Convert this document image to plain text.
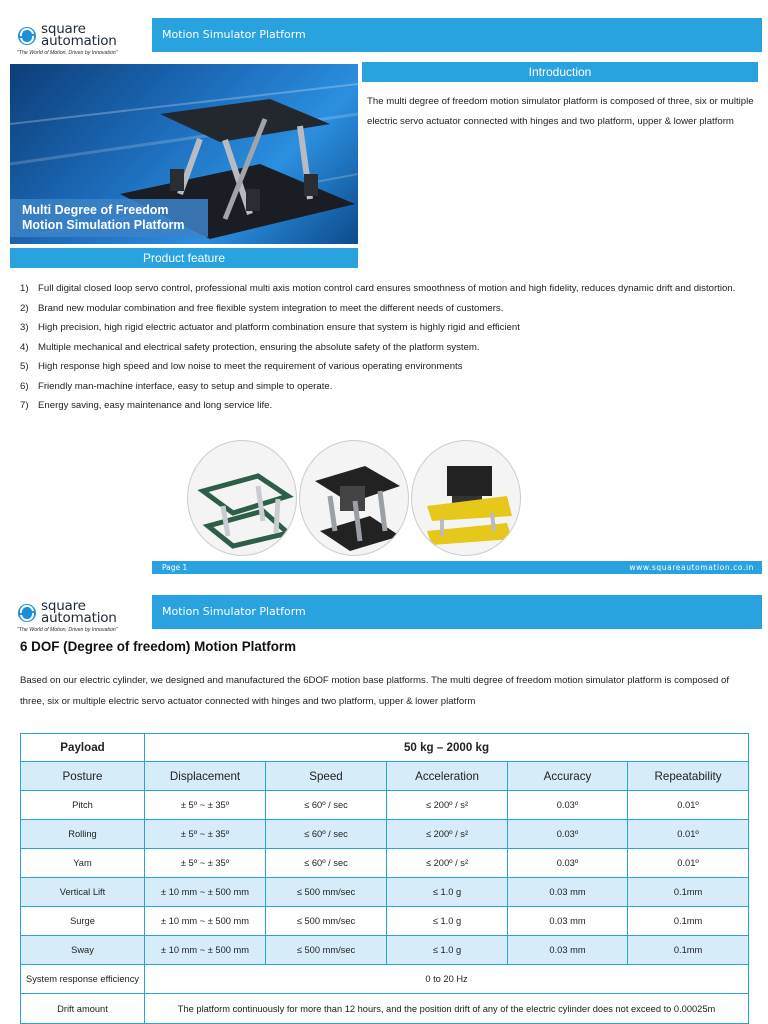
square
automation
"The World of Motion, Driven by Innovation"
Motion Simulator Platform
Multi Degree of Freedom
Motion Simulation Platform
Introduction
The multi degree of freedom motion simulator platform is composed of three, six or multiple electric servo actuator connected with hinges and two platform, upper & lower platform
Product feature
1) Full digital closed loop servo control, professional multi axis motion control card ensures smoothness of motion and high fidelity, reduces dynamic drift and distortion.
2) Brand new modular combination and free flexible system integration to meet the different needs of customers.
3) High precision, high rigid electric actuator and platform combination ensure that system is highly rigid and efficient
4) Multiple mechanical and electrical safety protection, ensuring the absolute safety of the platform system.
5) High response high speed and low noise to meet the requirement of various operating environments
6) Friendly man-machine interface, easy to setup and simple to operate.
7) Energy saving, easy maintenance and long service life.
Page 1	www.squareautomation.co.in
square
automation
"The World of Motion, Driven by Innovation"
Motion Simulator Platform
6 DOF (Degree of freedom) Motion Platform
Based on our electric cylinder, we designed and manufactured the 6DOF motion base platforms. The multi degree of freedom motion simulator platform is composed of three, six or multiple electric servo actuator connected with hinges and two platform, upper & lower platform
Payload	50 kg – 2000 kg				
Posture	Displacement	Speed	Acceleration	Accuracy	Repeatability
Pitch	± 5º ~ ± 35º	≤ 60º / sec	≤ 200º / s²	0.03º	0.01º
Rolling	± 5º ~ ± 35º	≤ 60º / sec	≤ 200º / s²	0.03º	0.01º
Yam	± 5º ~ ± 35º	≤ 60º / sec	≤ 200º / s²	0.03º	0.01º
Vertical Lift	± 10 mm ~ ± 500 mm	≤ 500 mm/sec	≤ 1.0 g	0.03 mm	0.1mm
Surge	± 10 mm ~ ± 500 mm	≤ 500 mm/sec	≤ 1.0 g	0.03 mm	0.1mm
Sway	± 10 mm ~ ± 500 mm	≤ 500 mm/sec	≤ 1.0 g	0.03 mm	0.1mm
System response efficiency	0 to 20 Hz				
Drift amount	The platform continuously for more than 12 hours, and the position drift of any of the electric cylinder does not exceed to 0.00025m				
